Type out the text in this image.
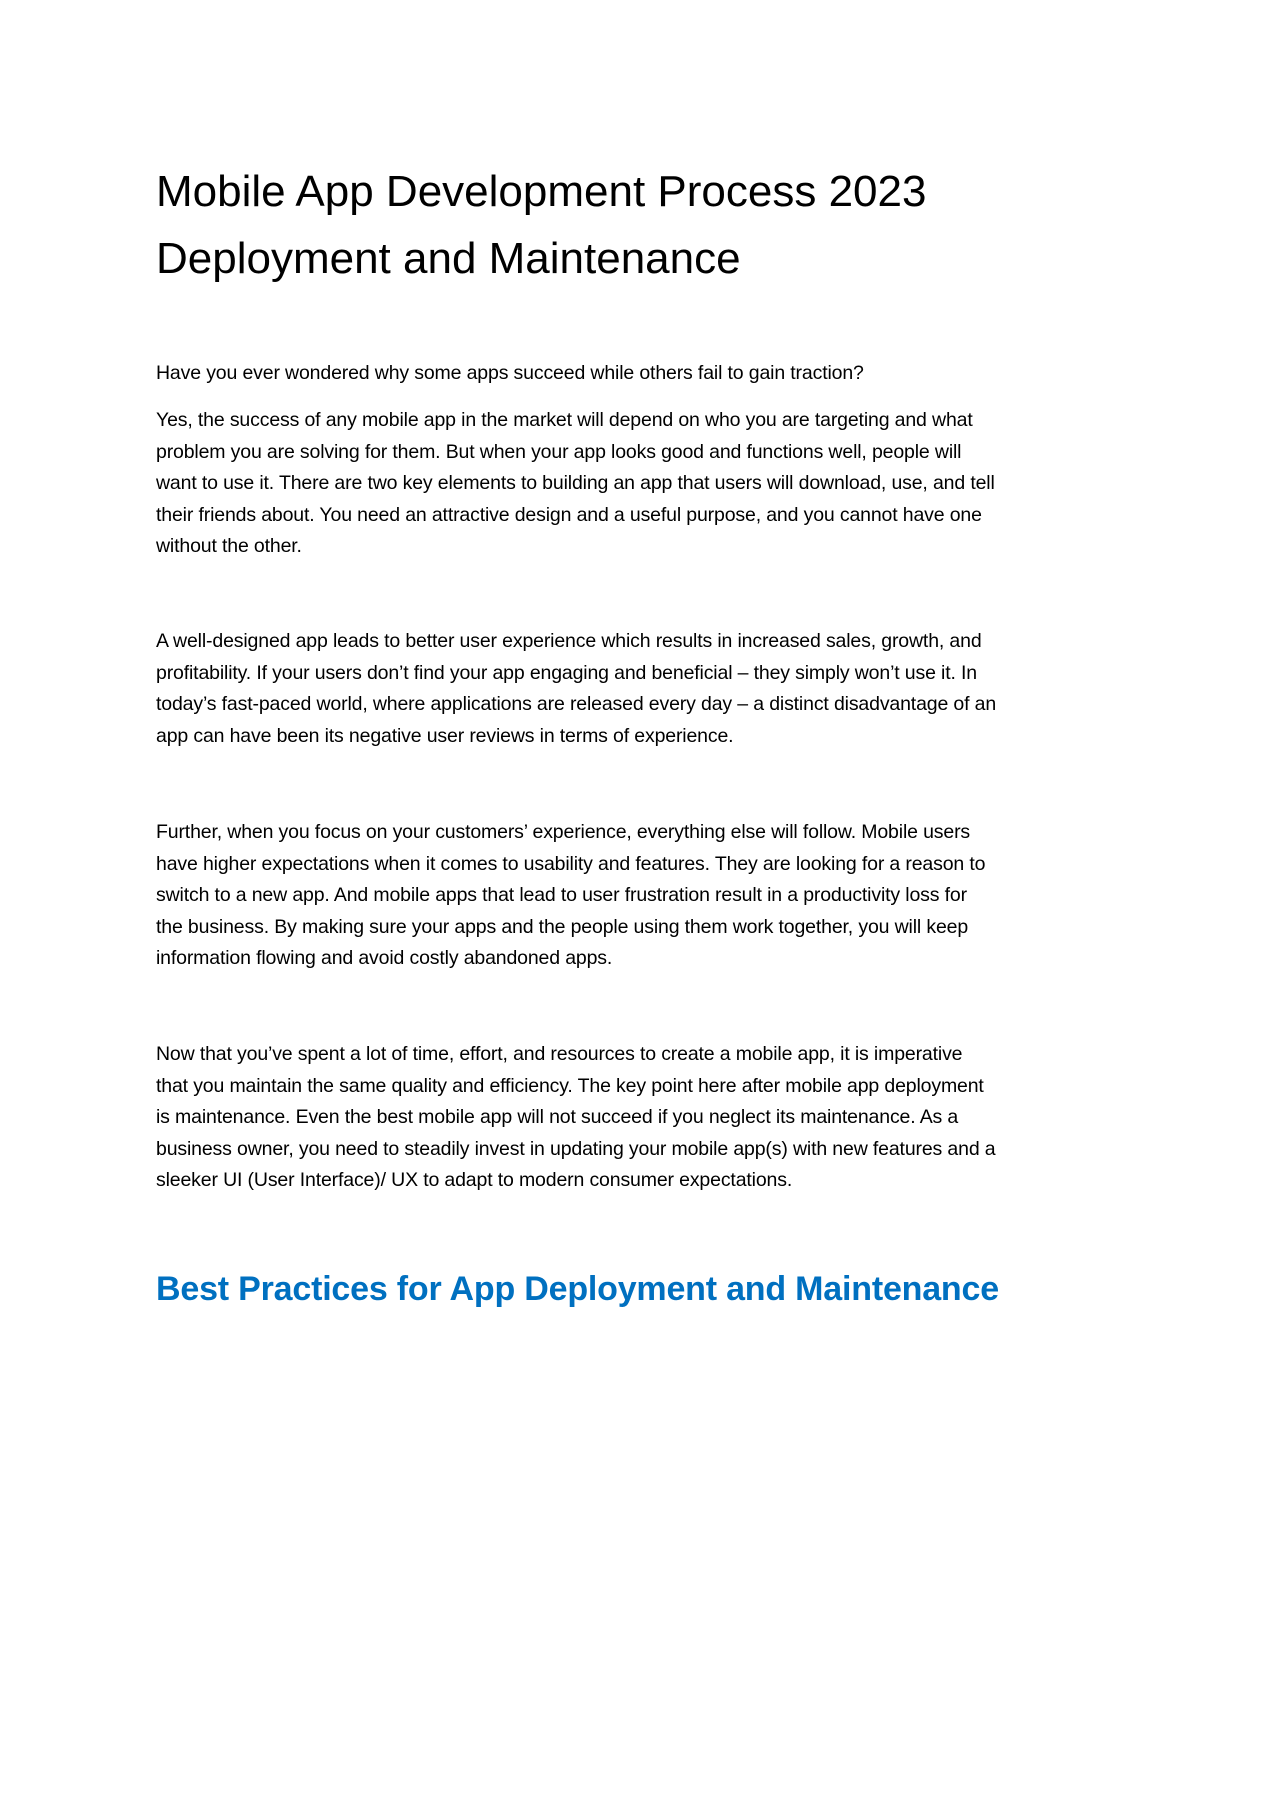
Mobile App Development Process 2023
Deployment and Maintenance

Have you ever wondered why some apps succeed while others fail to gain traction?

Yes, the success of any mobile app in the market will depend on who you are targeting and what
problem you are solving for them. But when your app looks good and functions well, people will
want to use it. There are two key elements to building an app that users will download, use, and tell
their friends about. You need an attractive design and a useful purpose, and you cannot have one
without the other.

A well-designed app leads to better user experience which results in increased sales, growth, and
profitability. If your users don’t find your app engaging and beneficial – they simply won’t use it. In
today’s fast-paced world, where applications are released every day – a distinct disadvantage of an
app can have been its negative user reviews in terms of experience.

Further, when you focus on your customers’ experience, everything else will follow. Mobile users
have higher expectations when it comes to usability and features. They are looking for a reason to
switch to a new app. And mobile apps that lead to user frustration result in a productivity loss for
the business. By making sure your apps and the people using them work together, you will keep
information flowing and avoid costly abandoned apps.

Now that you’ve spent a lot of time, effort, and resources to create a mobile app, it is imperative
that you maintain the same quality and efficiency. The key point here after mobile app deployment
is maintenance. Even the best mobile app will not succeed if you neglect its maintenance. As a
business owner, you need to steadily invest in updating your mobile app(s) with new features and a
sleeker UI (User Interface)/ UX to adapt to modern consumer expectations.

Best Practices for App Deployment and Maintenance
